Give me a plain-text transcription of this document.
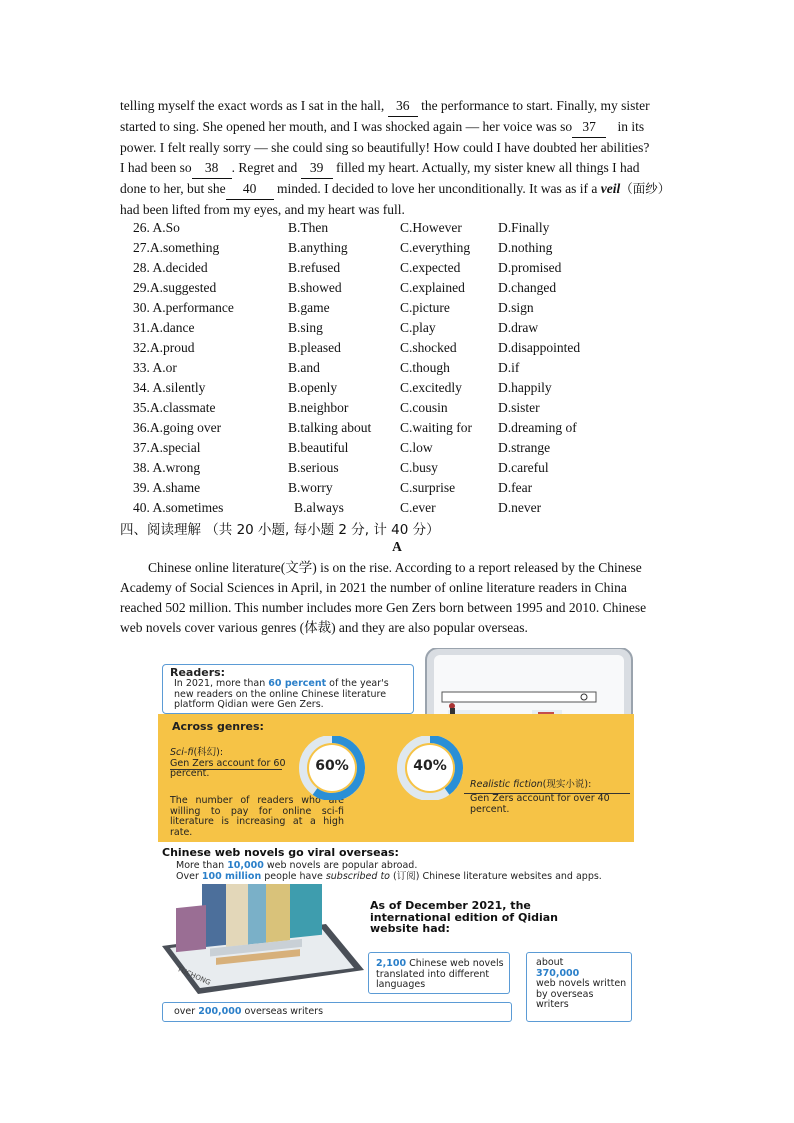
telling myself the exact words as I sat in the hall, 36 the performance to start. Finally, my sister
started to sing. She opened her mouth, and I was shocked again — her voice was so 37 in its
power. I felt really sorry — she could sing so beautifully! How could I have doubted her abilities?
I had been so 38 . Regret and 39 filled my heart. Actually, my sister knew all things I had
done to her, but she 40 minded. I decided to love her unconditionally. It was as if a veil（面纱）
had been lifted from my eyes, and my heart was full.
26. A.So	B.Then	C.However	D.Finally
27.A.something	B.anything	C.everything D.nothing
28. A.decided	B.refused	C.expected	D.promised
29.A.suggested	B.showed	C.explained D.changed
30. A.performance	B.game	C.picture	D.sign
31.A.dance	B.sing	C.play	D.draw
32.A.proud	B.pleased	C.shocked	D.disappointed
33. A.or	B.and	C.though	D.if
34. A.silently	B.openly	C.excitedly	D.happily
35.A.classmate	B.neighbor	C.cousin	D.sister
36.A.going over	B.talking about C.waiting for D.dreaming of
37.A.special	B.beautiful	C.low	D.strange
38. A.wrong	B.serious	C.busy	D.careful
39. A.shame	B.worry	C.surprise	D.fear
40. A.sometimes	B.always	C.ever	D.never
四、阅读理解 （共 20 小题, 每小题 2 分, 计 40 分）
A
Chinese online literature(文学) is on the rise. According to a report released by the Chinese
Academy of Social Sciences in April, in 2021 the number of online literature readers in China
reached 502 million. This number includes more Gen Zers born between 1995 and 2010. Chinese
web novels cover various genres (体裁) and they are also popular overseas.
Readers:
In 2021, more than 60 percent of the year's new readers on the online Chinese literature platform Qidian were Gen Zers.
Across genres:
Sci-fi(科幻):
Gen Zers account for 60 percent.
The number of readers who are willing to pay for online sci-fi literature is increasing at a high rate.
60%	40%
Realistic fiction(现实小说):
Gen Zers account for over 40 percent.
Chinese web novels go viral overseas:
More than 10,000 web novels are popular abroad.
Over 100 million people have subscribed to (订阅) Chinese literature websites and apps.
TUCHONG
As of December 2021, the international edition of Qidian website had:
2,100 Chinese web novels translated into different languages
about
370,000
web novels written by overseas writers
over 200,000 overseas writers
